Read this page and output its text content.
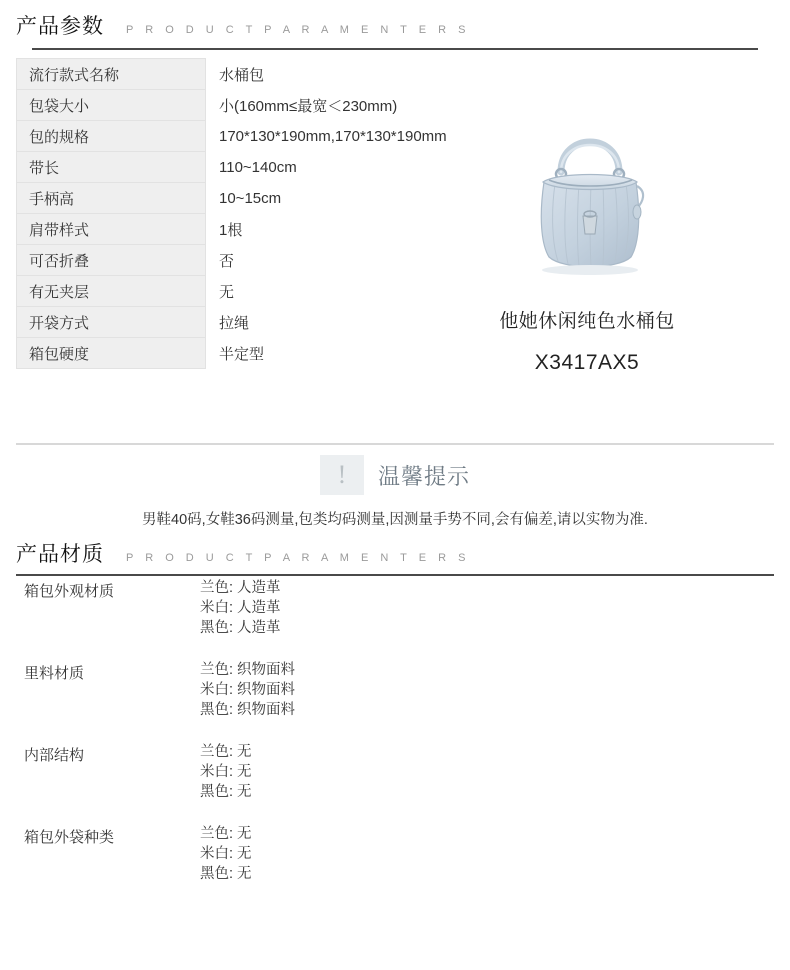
产品参数 P R O D U C T P A R A M E N T E R S
流行款式名称	水桶包
包袋大小	小(160mm≤最宽＜230mm)
包的规格	170*130*190mm,170*130*190mm
带长	110~140cm
手柄高	10~15cm
肩带样式	1根
可否折叠	否
有无夹层	无
开袋方式	拉绳
箱包硬度	半定型
他她休闲纯色水桶包
X3417AX5
!	温馨提示
男鞋40码,女鞋36码测量,包类均码测量,因测量手势不同,会有偏差,请以实物为准.
产品材质 P R O D U C T P A R A M E N T E R S
箱包外观材质	兰色: 人造革
米白: 人造革
黑色: 人造革
里料材质	兰色: 织物面料
米白: 织物面料
黑色: 织物面料
内部结构	兰色: 无
米白: 无
黑色: 无
箱包外袋种类	兰色: 无
米白: 无
黑色: 无
